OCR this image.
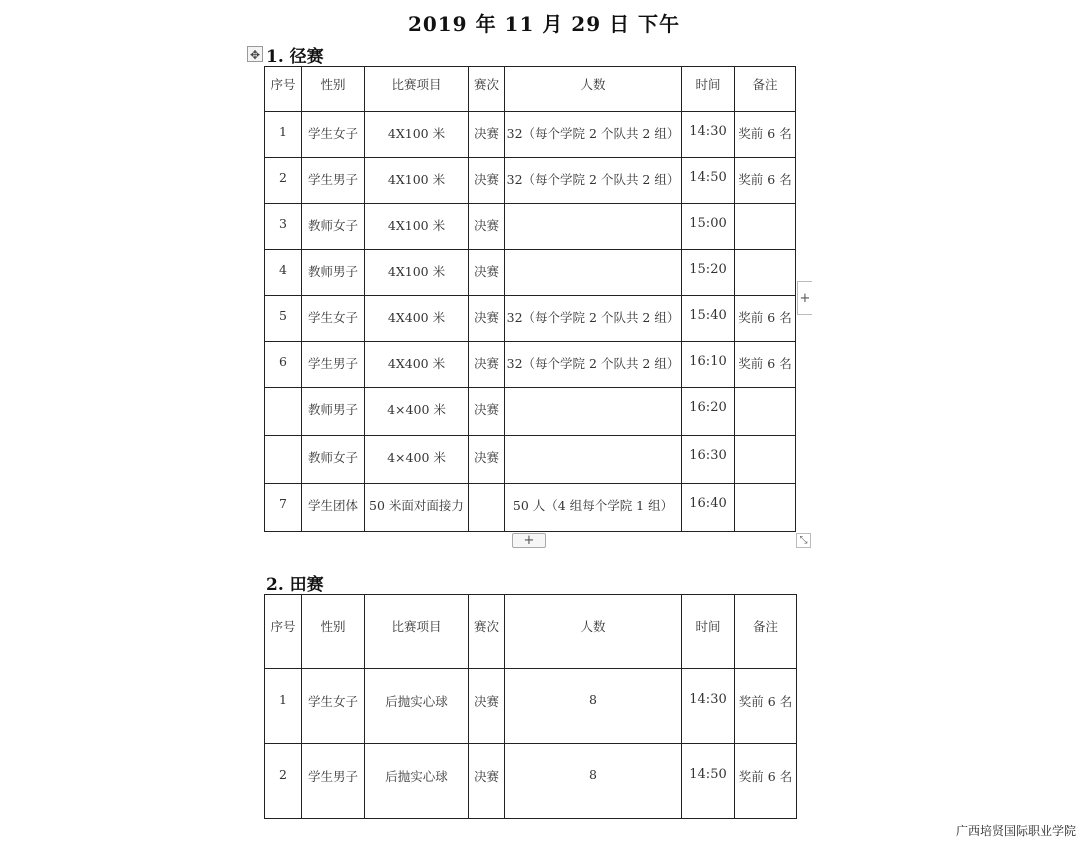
2019 年 11 月 29 日 下午
✥ 1. 径赛
序号	性别	比赛项目	赛次	人数	时间	备注
1	学生女子	4X100 米	决赛	32（每个学院 2 个队共 2 组）	14:30	奖前 6 名
2	学生男子	4X100 米	决赛	32（每个学院 2 个队共 2 组）	14:50	奖前 6 名
3	教师女子	4X100 米	决赛		15:00	
4	教师男子	4X100 米	决赛		15:20	
5	学生女子	4X400 米	决赛	32（每个学院 2 个队共 2 组）	15:40	奖前 6 名
6	学生男子	4X400 米	决赛	32（每个学院 2 个队共 2 组）	16:10	奖前 6 名
	教师男子	4×400 米	决赛		16:20	
	教师女子	4×400 米	决赛		16:30	
7	学生团体	50 米面对面接力		50 人（4 组每个学院 1 组）	16:40	
+
+	⤡
2. 田赛
序号	性别	比赛项目	赛次	人数	时间	备注
1	学生女子	后抛实心球	决赛	8	14:30	奖前 6 名
2	学生男子	后抛实心球	决赛	8	14:50	奖前 6 名
广西培贤国际职业学院
